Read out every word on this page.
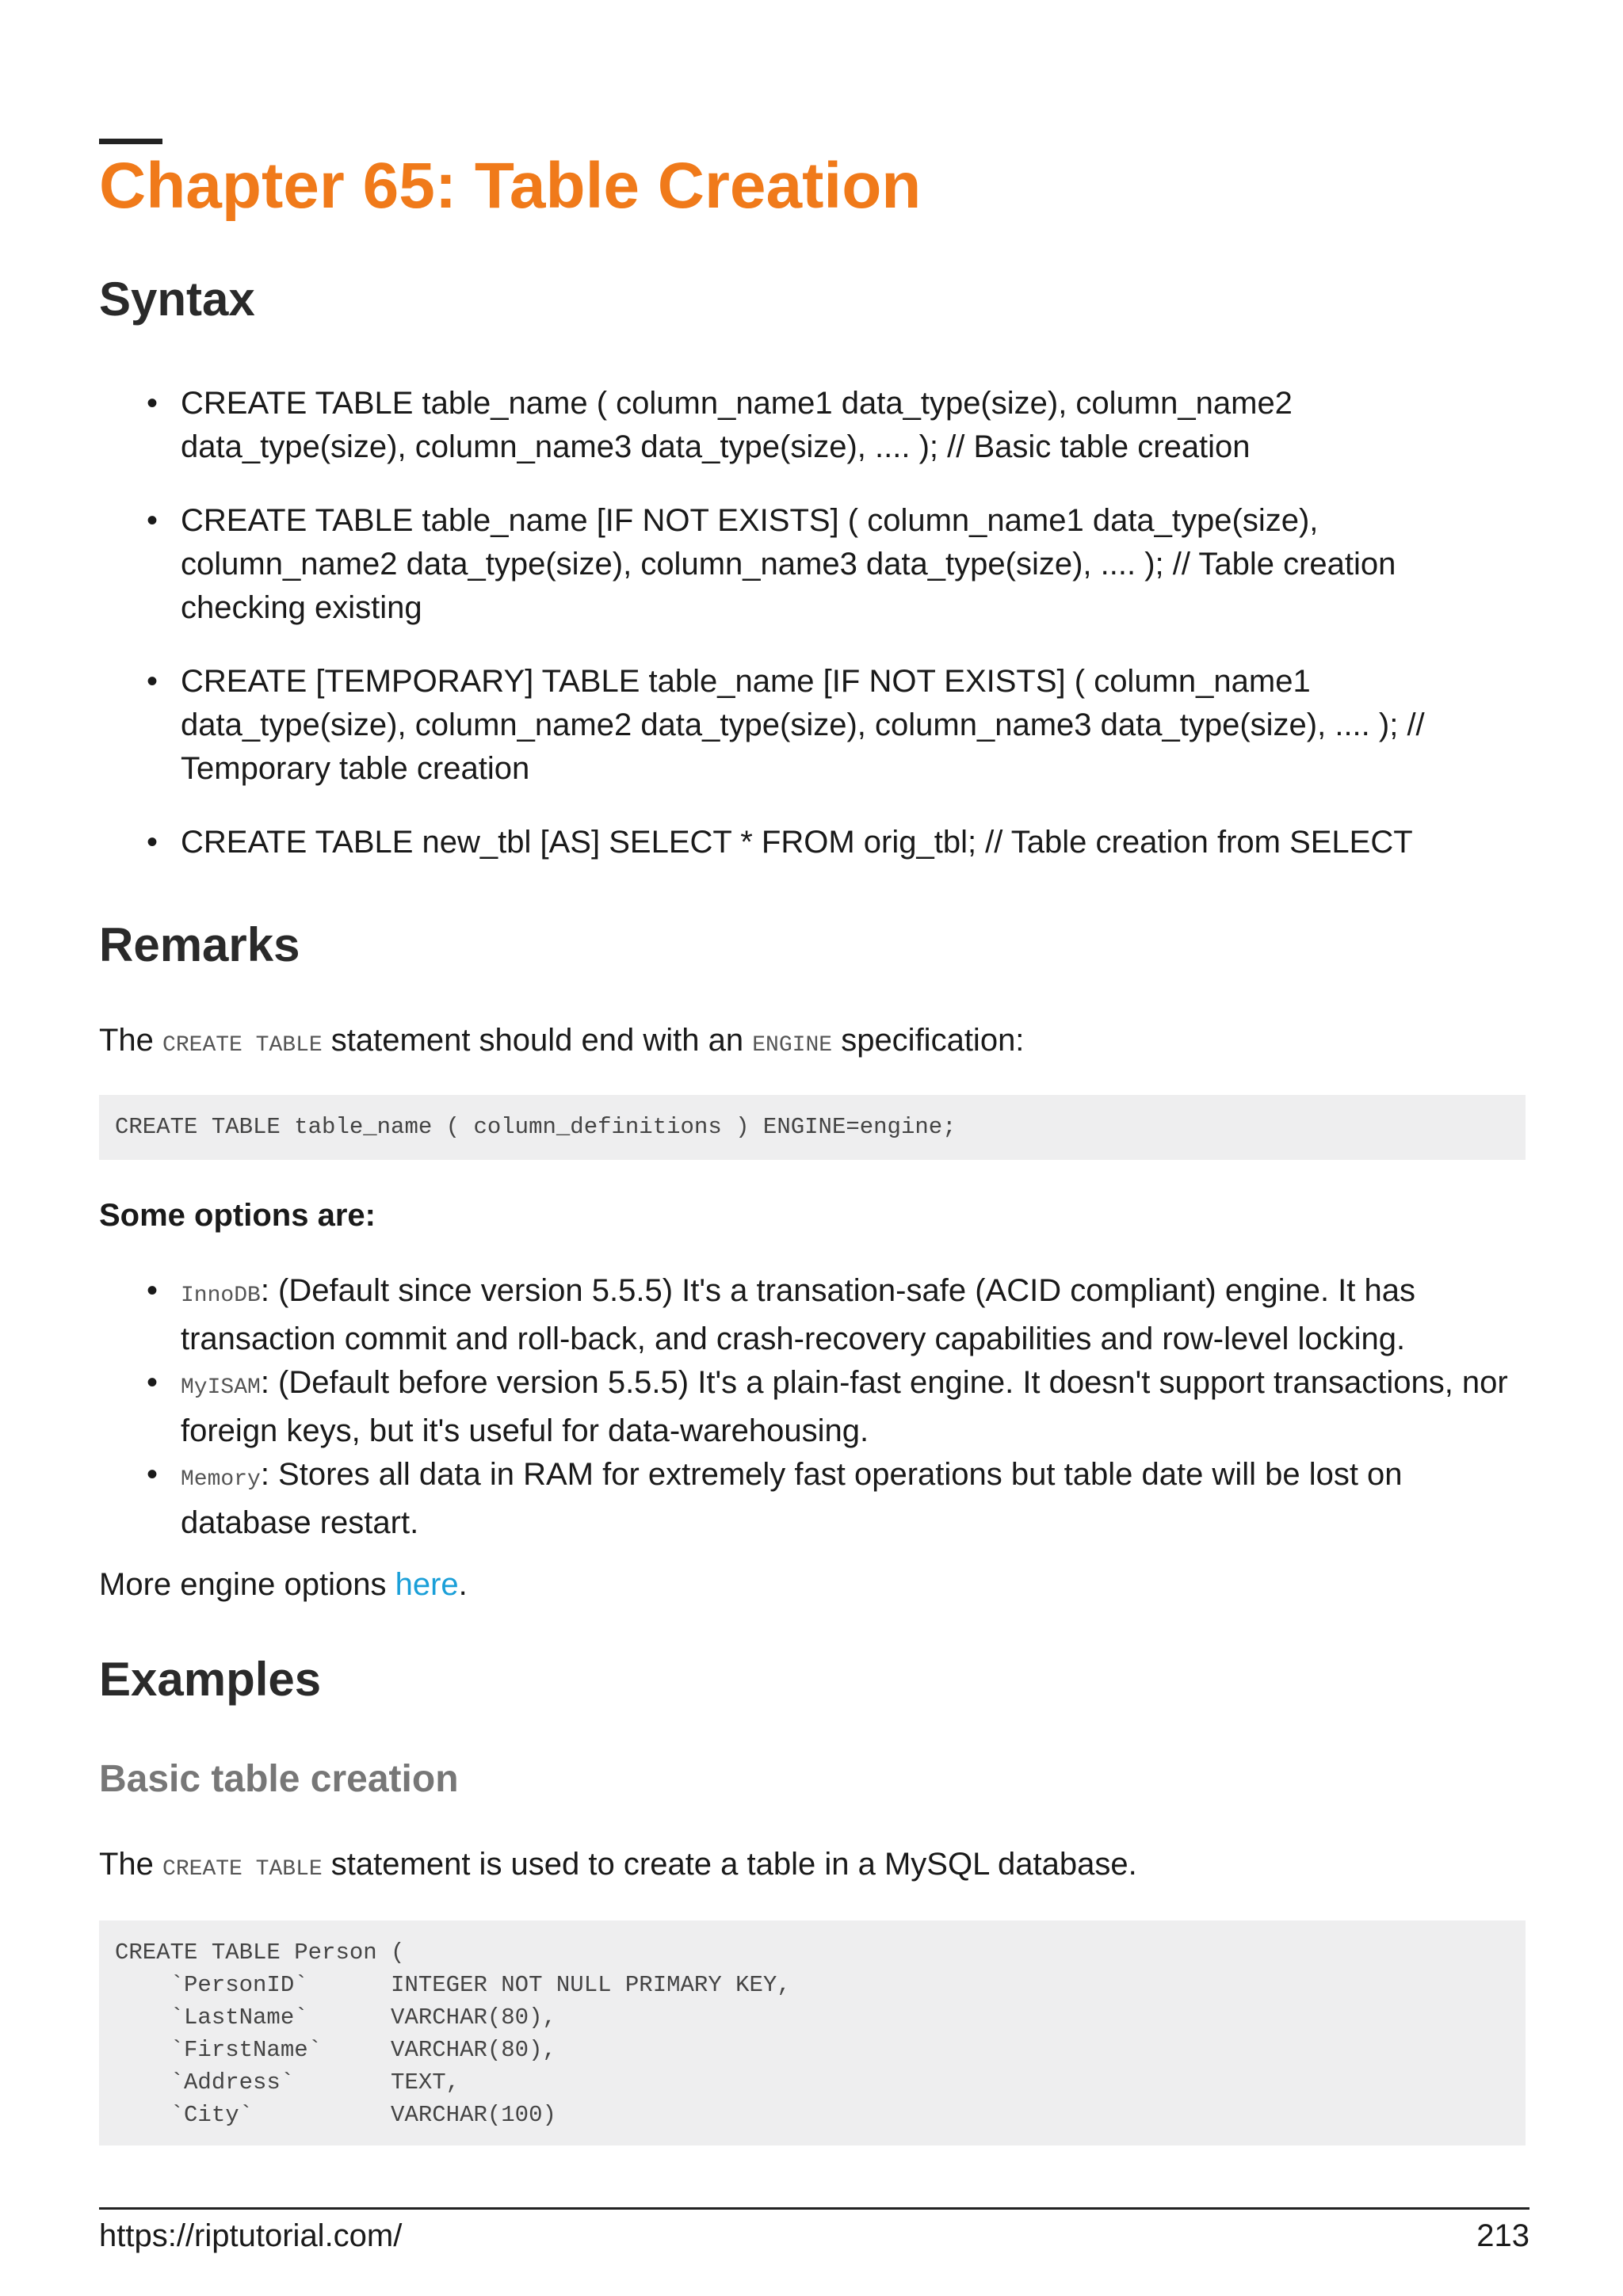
Chapter 65: Table Creation
Syntax
• CREATE TABLE table_name ( column_name1 data_type(size), column_name2 data_type(size), column_name3 data_type(size), .... ); // Basic table creation
• CREATE TABLE table_name [IF NOT EXISTS] ( column_name1 data_type(size), column_name2 data_type(size), column_name3 data_type(size), .... ); // Table creation checking existing
• CREATE [TEMPORARY] TABLE table_name [IF NOT EXISTS] ( column_name1 data_type(size), column_name2 data_type(size), column_name3 data_type(size), .... ); // Temporary table creation
• CREATE TABLE new_tbl [AS] SELECT * FROM orig_tbl; // Table creation from SELECT
Remarks

The CREATE TABLE statement should end with an ENGINE specification:

CREATE TABLE table_name ( column_definitions ) ENGINE=engine;

Some options are:

• InnoDB: (Default since version 5.5.5) It's a transation-safe (ACID compliant) engine. It has transaction commit and roll-back, and crash-recovery capabilities and row-level locking.
• MyISAM: (Default before version 5.5.5) It's a plain-fast engine. It doesn't support transactions, nor foreign keys, but it's useful for data-warehousing.
• Memory: Stores all data in RAM for extremely fast operations but table date will be lost on database restart.

More engine options here.

Examples
Basic table creation

The CREATE TABLE statement is used to create a table in a MySQL database.

CREATE TABLE Person (
`PersonID`      INTEGER NOT NULL PRIMARY KEY,
`LastName`      VARCHAR(80),
`FirstName`     VARCHAR(80),
`Address`       TEXT,
`City`          VARCHAR(100)
https://riptutorial.com/	213
